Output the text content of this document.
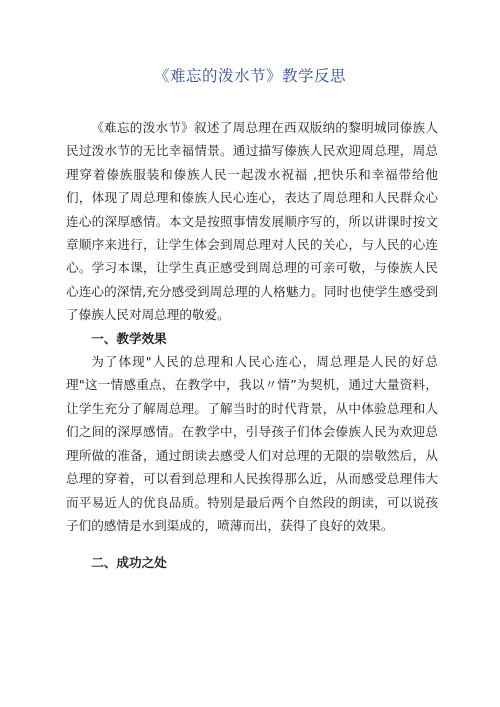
《难忘的泼水节》教学反思

《难忘的泼水节》叙述了周总理在西双版纳的黎明城同傣族人民过泼水节的无比幸福情景。通过描写傣族人民欢迎周总理，周总理穿着傣族服装和傣族人民一起泼水祝福 ,把快乐和幸福带给他们，体现了周总理和傣族人民心连心，表达了周总理和人民群众心连心的深厚感情。本文是按照事情发展顺序写的，所以讲课时按文章顺序来进行，让学生体会到周总理对人民的关心，与人民的心连心。学习本课，让学生真正感受到周总理的可亲可敬，与傣族人民心连心的深情,充分感受到周总理的人格魅力。同时也使学生感受到了傣族人民对周总理的敬爱。

一、教学效果

为了体现"人民的总理和人民心连心，周总理是人民的好总理"这一情感重点，在教学中，我以〃情”为契机，通过大量资料，让学生充分了解周总理。了解当时的时代背景，从中体验总理和人们之间的深厚感情。在教学中，引导孩子们体会傣族人民为欢迎总理所做的准备，通过朗读去感受人们对总理的无限的崇敬然后，从总理的穿着，可以看到总理和人民挨得那么近，从而感受总理伟大而平易近人的优良品质。特别是最后两个自然段的朗读，可以说孩子们的感情是水到渠成的，喷薄而出，获得了良好的效果。

二、成功之处
